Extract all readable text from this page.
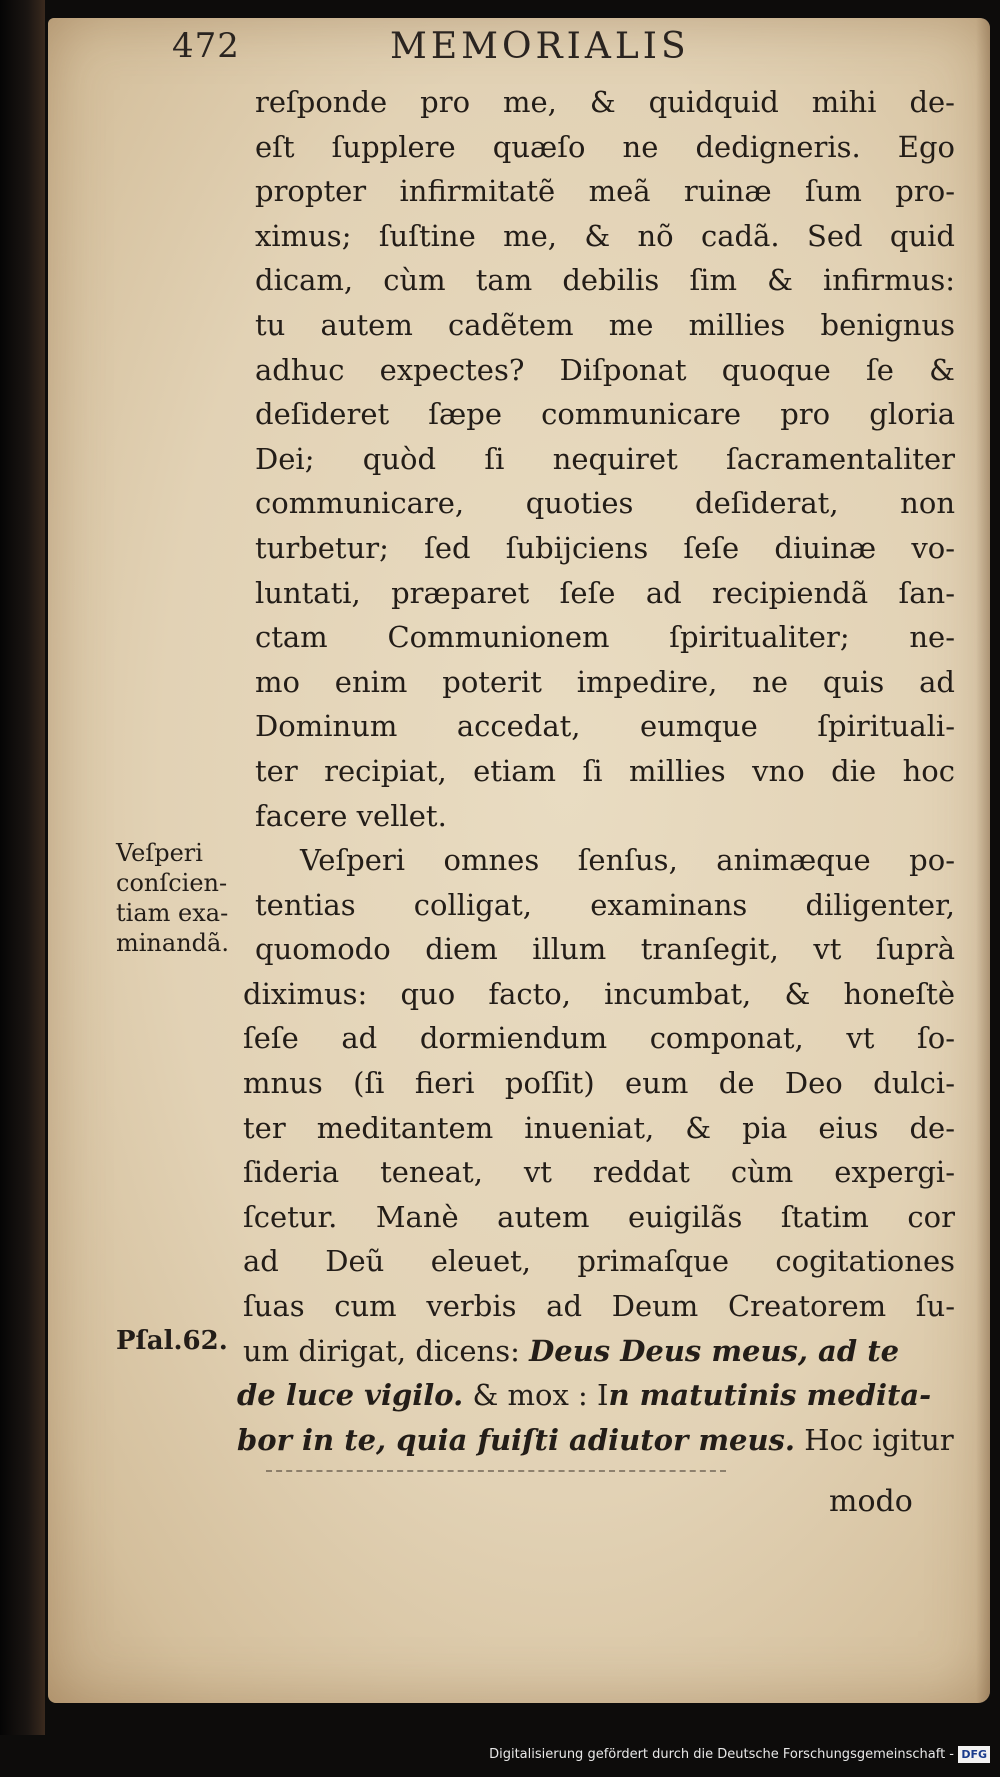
472	MEMORIALIS
reſponde pro me, & quidquid mihi de-
eſt ſupplere quæſo ne dedigneris. Ego
propter infirmitatẽ meã ruinæ ſum pro-
ximus; ſuſtine me, & nõ cadã. Sed quid
dicam, cùm tam debilis ſim & infirmus:
tu autem cadẽtem me millies benignus
adhuc expectes? Diſponat quoque ſe &
deſideret ſæpe communicare pro gloria
Dei; quòd ſi nequiret ſacramentaliter
communicare, quoties deſiderat, non
turbetur; ſed ſubijciens ſeſe diuinæ vo-
luntati, præparet ſeſe ad recipiendã ſan-
ctam Communionem ſpiritualiter; ne-
mo enim poterit impedire, ne quis ad
Dominum accedat, eumque ſpirituali-
ter recipiat, etiam ſi millies vno die hoc
facere vellet.
Veſperi omnes ſenſus, animæque po-
tentias colligat, examinans diligenter,
quomodo diem illum tranſegit, vt ſuprà
diximus: quo facto, incumbat, & honeſtè
ſeſe ad dormiendum componat, vt ſo-
mnus (ſi fieri poſſit) eum de Deo dulci-
ter meditantem inueniat, & pia eius de-
ſideria teneat, vt reddat cùm expergi-
ſcetur. Manè autem euigilãs ſtatim cor
ad Deũ eleuet, primaſque cogitationes
ſuas cum verbis ad Deum Creatorem ſu-
um dirigat, dicens: Deus Deus meus, ad te
de luce vigilo. & mox : In matutinis medita-
bor in te, quia fuiſti adiutor meus. Hoc igitur
modo
Veſperi
conſcien-
tiam exa-
minandã.
Pſal.62.
Digitalisierung gefördert durch die Deutsche Forschungsgemeinschaft - DFG
